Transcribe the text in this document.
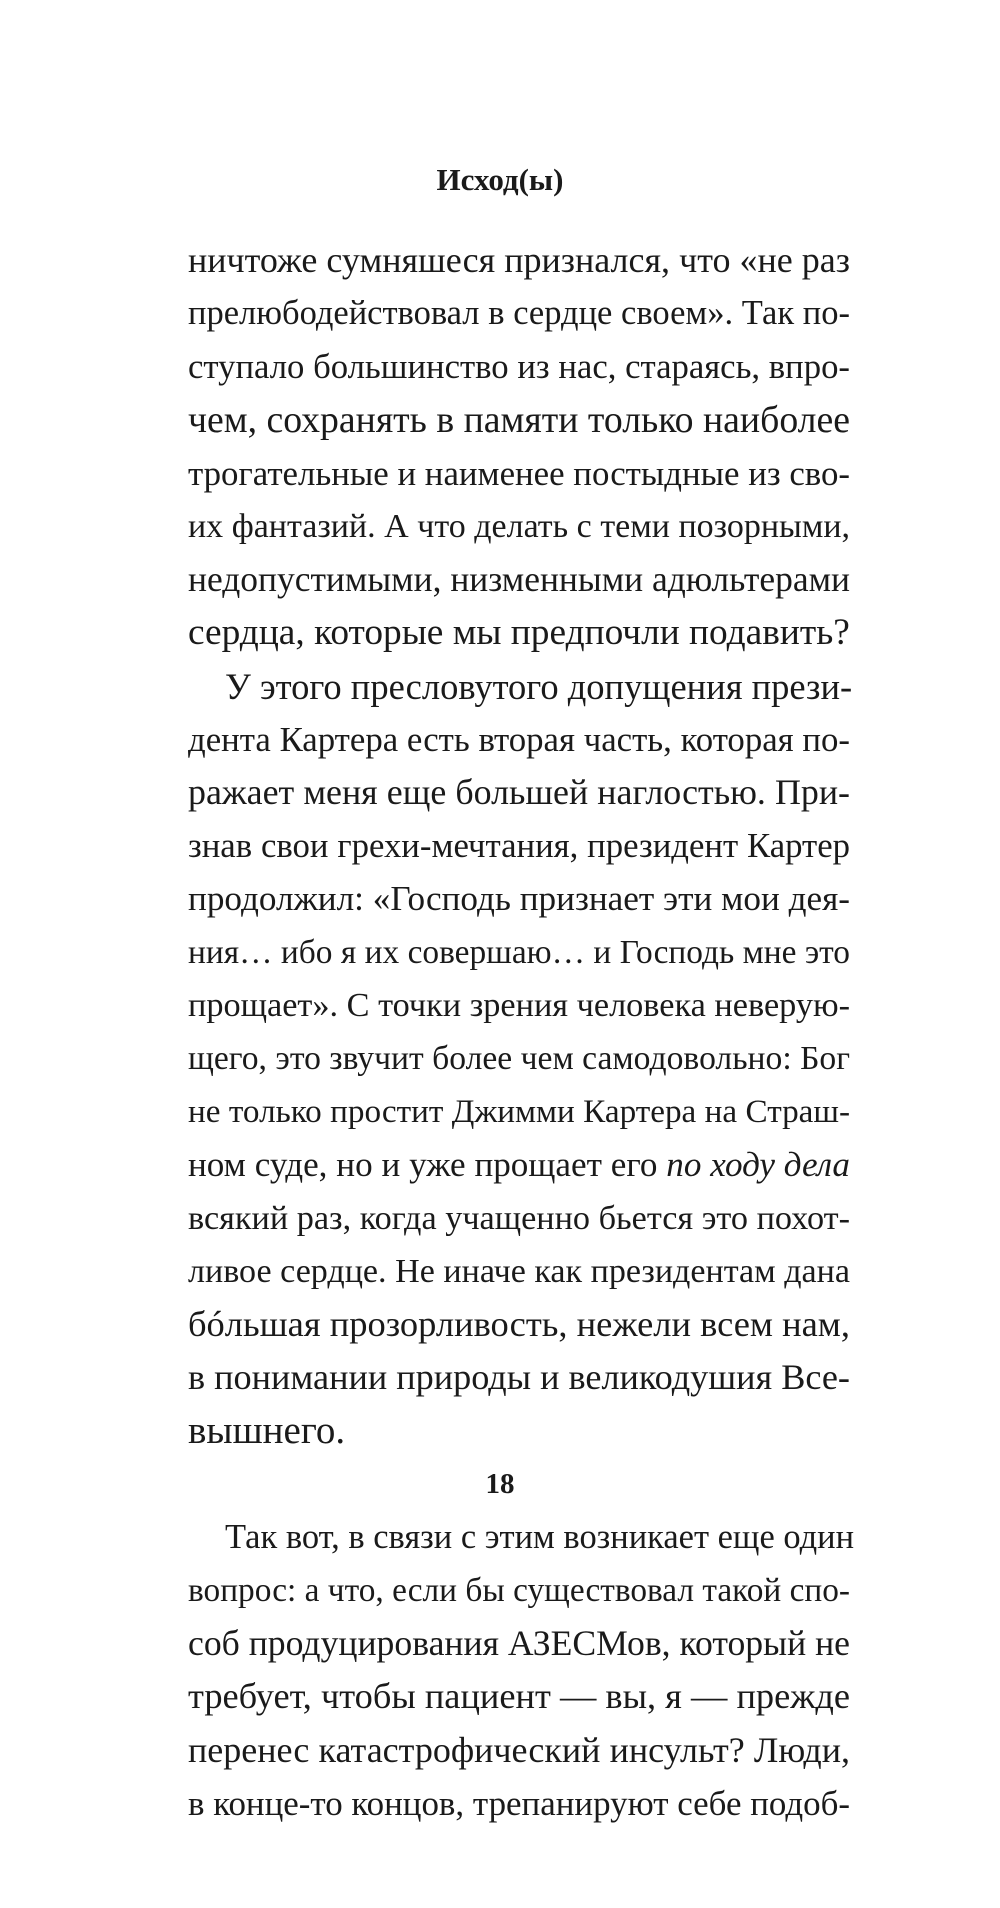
Исход(ы)
ничтоже сумняшеся признался, что «не раз
прелюбодействовал в сердце своем». Так по-
ступало большинство из нас, стараясь, впро-
чем, сохранять в памяти только наиболее
трогательные и наименее постыдные из сво-
их фантазий. А что делать с теми позорными,
недопустимыми, низменными адюльтерами
сердца, которые мы предпочли подавить?
У этого пресловутого допущения прези-
дента Картера есть вторая часть, которая по-
ражает меня еще большей наглостью. При-
знав свои грехи-мечтания, президент Картер
продолжил: «Господь признает эти мои дея-
ния… ибо я их совершаю… и Господь мне это
прощает». С точки зрения человека неверую-
щего, это звучит более чем самодовольно: Бог
не только простит Джимми Картера на Страш-
ном суде, но и уже прощает его по ходу дела
всякий раз, когда учащенно бьется это похот-
ливое сердце. Не иначе как президентам дана
бóльшая прозорливость, нежели всем нам,
в понимании природы и великодушия Все-
вышнего.
Так вот, в связи с этим возникает еще один
вопрос: а что, если бы существовал такой спо-
соб продуцирования АЗЕСМов, который не
требует, чтобы пациент — вы, я — прежде
перенес катастрофический инсульт? Люди,
в конце-то концов, трепанируют себе подоб-
18
